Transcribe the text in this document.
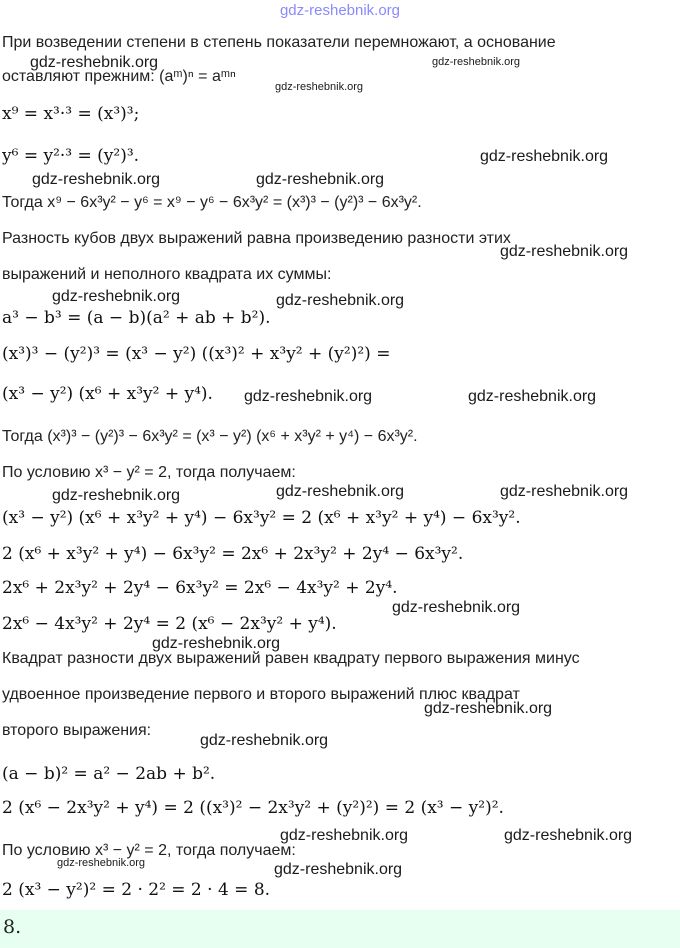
gdz-reshebnik.org
При возведении степени в степень показатели перемножают, а основание
оставляют прежним: (aᵐ)ⁿ = aᵐⁿ
x⁹ = x³·³ = (x³)³;
y⁶ = y²·³ = (y²)³.
Тогда x⁹ − 6x³y² − y⁶ = x⁹ − y⁶ − 6x³y² = (x³)³ − (y²)³ − 6x³y².
Разность кубов двух выражений равна произведению разности этих
выражений и неполного квадрата их суммы:
a³ − b³ = (a − b)(a² + ab + b²).
(x³)³ − (y²)³ = (x³ − y²) ((x³)² + x³y² + (y²)²) =
(x³ − y²) (x⁶ + x³y² + y⁴).
Тогда (x³)³ − (y²)³ − 6x³y² = (x³ − y²) (x⁶ + x³y² + y⁴) − 6x³y².
По условию x³ − y² = 2, тогда получаем:
(x³ − y²) (x⁶ + x³y² + y⁴) − 6x³y² = 2 (x⁶ + x³y² + y⁴) − 6x³y².
2 (x⁶ + x³y² + y⁴) − 6x³y² = 2x⁶ + 2x³y² + 2y⁴ − 6x³y².
2x⁶ + 2x³y² + 2y⁴ − 6x³y² = 2x⁶ − 4x³y² + 2y⁴.
2x⁶ − 4x³y² + 2y⁴ = 2 (x⁶ − 2x³y² + y⁴).
Квадрат разности двух выражений равен квадрату первого выражения минус
удвоенное произведение первого и второго выражений плюс квадрат
второго выражения:
(a − b)² = a² − 2ab + b².
2 (x⁶ − 2x³y² + y⁴) = 2 ((x³)² − 2x³y² + (y²)²) = 2 (x³ − y²)².
По условию x³ − y² = 2, тогда получаем:
2 (x³ − y²)² = 2 · 2² = 2 · 4 = 8.
gdz-reshebnik.org
gdz-reshebnik.org
gdz-reshebnik.org
gdz-reshebnik.org
gdz-reshebnik.org	gdz-reshebnik.org
gdz-reshebnik.org
gdz-reshebnik.org	gdz-reshebnik.org
gdz-reshebnik.org	gdz-reshebnik.org
gdz-reshebnik.org	gdz-reshebnik.org	gdz-reshebnik.org
gdz-reshebnik.org
gdz-reshebnik.org
gdz-reshebnik.org
gdz-reshebnik.org
gdz-reshebnik.org	gdz-reshebnik.org
gdz-reshebnik.org
gdz-reshebnik.org
8.
